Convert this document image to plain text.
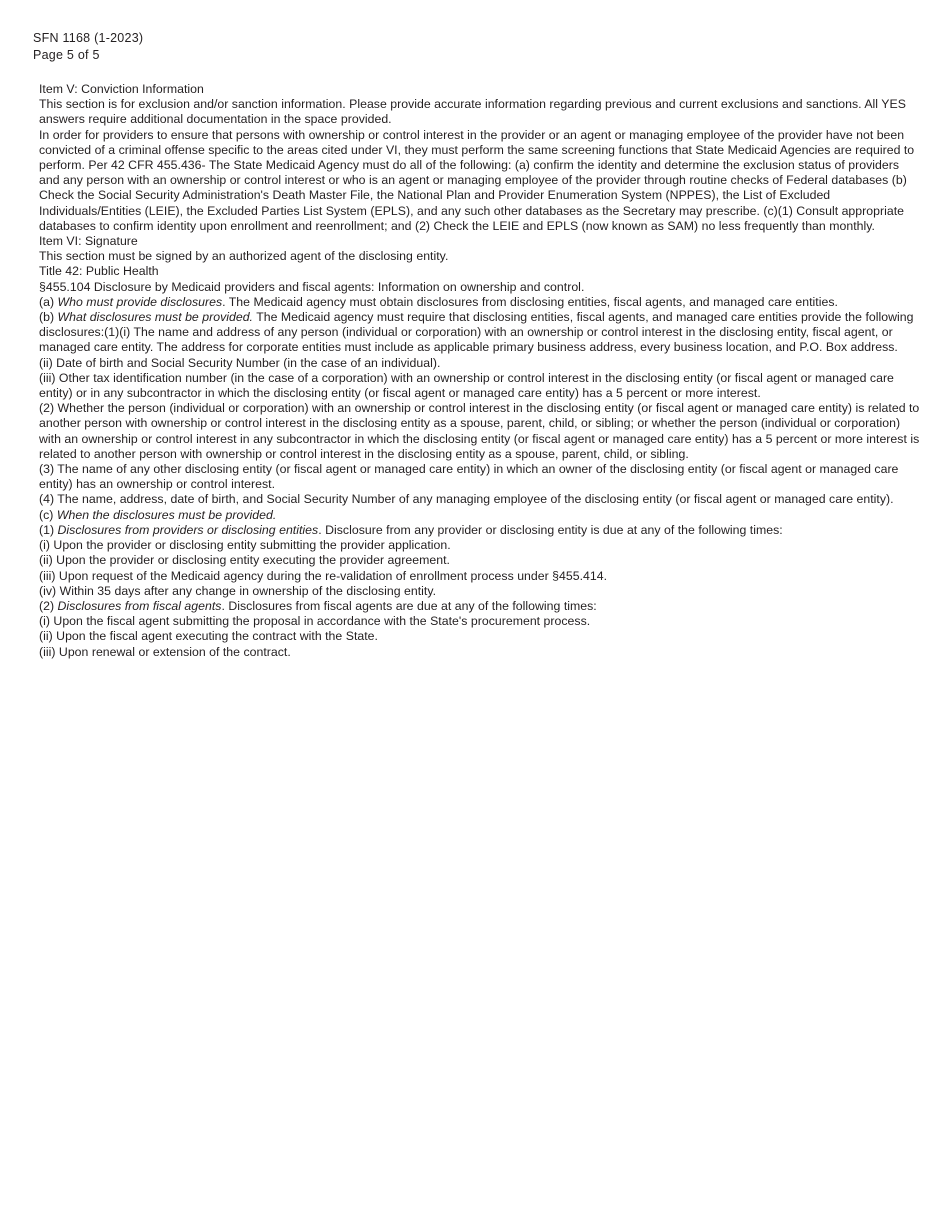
SFN 1168 (1-2023)
Page 5 of 5

Item V: Conviction Information

This section is for exclusion and/or sanction information. Please provide accurate information regarding previous and current exclusions and sanctions. All YES answers require additional documentation in the space provided.

In order for providers to ensure that persons with ownership or control interest in the provider or an agent or managing employee of the provider have not been convicted of a criminal offense specific to the areas cited under VI, they must perform the same screening functions that State Medicaid Agencies are required to perform. Per 42 CFR 455.436- The State Medicaid Agency must do all of the following: (a) confirm the identity and determine the exclusion status of providers and any person with an ownership or control interest or who is an agent or managing employee of the provider through routine checks of Federal databases (b) Check the Social Security Administration's Death Master File, the National Plan and Provider Enumeration System (NPPES), the List of Excluded Individuals/Entities (LEIE), the Excluded Parties List System (EPLS), and any such other databases as the Secretary may prescribe. (c)(1) Consult appropriate databases to confirm identity upon enrollment and reenrollment; and (2) Check the LEIE and EPLS (now known as SAM) no less frequently than monthly.

Item VI: Signature

This section must be signed by an authorized agent of the disclosing entity.

Title 42: Public Health

§455.104 Disclosure by Medicaid providers and fiscal agents: Information on ownership and control.

(a) Who must provide disclosures. The Medicaid agency must obtain disclosures from disclosing entities, fiscal agents, and managed care entities.

(b) What disclosures must be provided. The Medicaid agency must require that disclosing entities, fiscal agents, and managed care entities provide the following disclosures:(1)(i) The name and address of any person (individual or corporation) with an ownership or control interest in the disclosing entity, fiscal agent, or managed care entity. The address for corporate entities must include as applicable primary business address, every business location, and P.O. Box address.

(ii) Date of birth and Social Security Number (in the case of an individual).

(iii) Other tax identification number (in the case of a corporation) with an ownership or control interest in the disclosing entity (or fiscal agent or managed care entity) or in any subcontractor in which the disclosing entity (or fiscal agent or managed care entity) has a 5 percent or more interest.

(2) Whether the person (individual or corporation) with an ownership or control interest in the disclosing entity (or fiscal agent or managed care entity) is related to another person with ownership or control interest in the disclosing entity as a spouse, parent, child, or sibling; or whether the person (individual or corporation) with an ownership or control interest in any subcontractor in which the disclosing entity (or fiscal agent or managed care entity) has a 5 percent or more interest is related to another person with ownership or control interest in the disclosing entity as a spouse, parent, child, or sibling.

(3) The name of any other disclosing entity (or fiscal agent or managed care entity) in which an owner of the disclosing entity (or fiscal agent or managed care entity) has an ownership or control interest.

(4) The name, address, date of birth, and Social Security Number of any managing employee of the disclosing entity (or fiscal agent or managed care entity).

(c) When the disclosures must be provided.

(1) Disclosures from providers or disclosing entities. Disclosure from any provider or disclosing entity is due at any of the following times:

(i) Upon the provider or disclosing entity submitting the provider application.

(ii) Upon the provider or disclosing entity executing the provider agreement.

(iii) Upon request of the Medicaid agency during the re-validation of enrollment process under §455.414.

(iv) Within 35 days after any change in ownership of the disclosing entity.

(2) Disclosures from fiscal agents. Disclosures from fiscal agents are due at any of the following times:

(i) Upon the fiscal agent submitting the proposal in accordance with the State's procurement process.

(ii) Upon the fiscal agent executing the contract with the State.

(iii) Upon renewal or extension of the contract.
